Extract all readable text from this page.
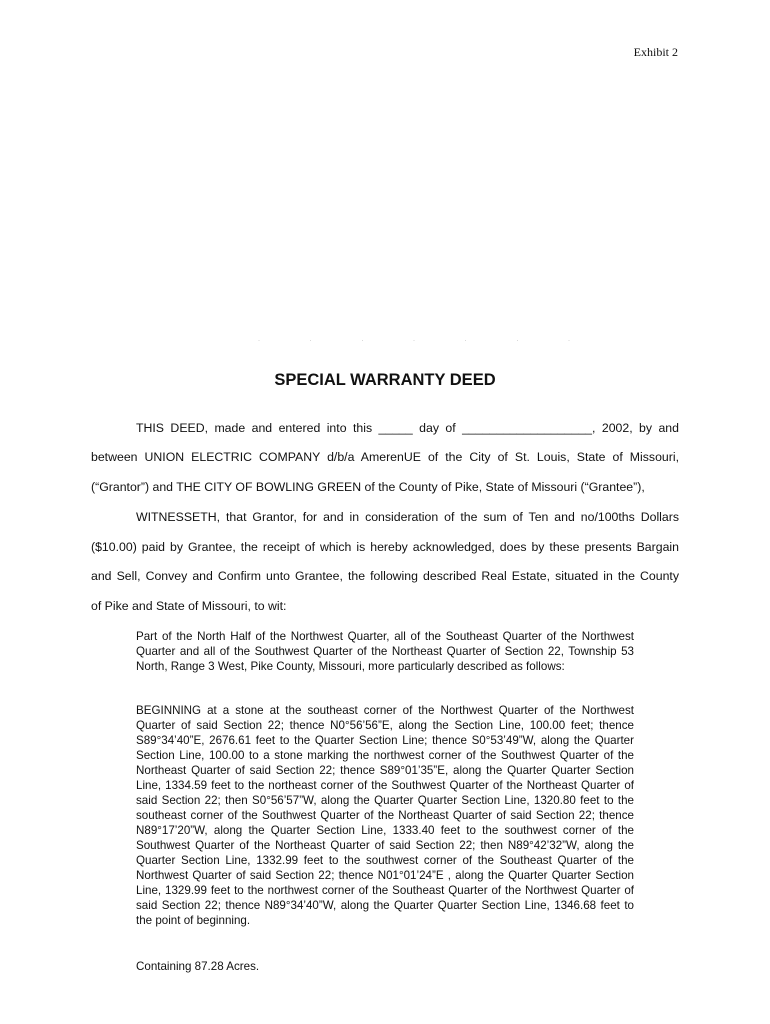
Exhibit 2
· · · · · · ·
SPECIAL WARRANTY DEED
THIS DEED, made and entered into this _____ day of ___________________, 2002, by and
between UNION ELECTRIC COMPANY d/b/a AmerenUE of the City of St. Louis, State of Missouri,
(“Grantor”) and THE CITY OF BOWLING GREEN of the County of Pike, State of Missouri (“Grantee”),
WITNESSETH, that Grantor, for and in consideration of the sum of Ten and no/100ths Dollars
($10.00) paid by Grantee, the receipt of which is hereby acknowledged, does by these presents Bargain
and Sell, Convey and Confirm unto Grantee, the following described Real Estate, situated in the County
of Pike and State of Missouri, to wit:
Part of the North Half of the Northwest Quarter, all of the Southeast Quarter of the Northwest Quarter and all of the Southwest Quarter of the Northeast Quarter of Section 22, Township 53 North, Range 3 West, Pike County, Missouri, more particularly described as follows:
BEGINNING at a stone at the southeast corner of the Northwest Quarter of the Northwest Quarter of said Section 22; thence N0°56’56”E, along the Section Line, 100.00 feet; thence S89°34’40”E, 2676.61 feet to the Quarter Section Line; thence S0°53’49”W, along the Quarter Section Line, 100.00 to a stone marking the northwest corner of the Southwest Quarter of the Northeast Quarter of said Section 22; thence S89°01’35”E, along the Quarter Quarter Section Line, 1334.59 feet to the northeast corner of the Southwest Quarter of the Northeast Quarter of said Section 22; then S0°56’57”W, along the Quarter Quarter Section Line, 1320.80 feet to the southeast corner of the Southwest Quarter of the Northeast Quarter of said Section 22; thence N89°17’20”W, along the Quarter Section Line, 1333.40 feet to the southwest corner of the Southwest Quarter of the Northeast Quarter of said Section 22; then N89°42’32”W, along the Quarter Section Line, 1332.99 feet to the southwest corner of the Southeast Quarter of the Northwest Quarter of said Section 22; thence N01°01’24”E , along the Quarter Quarter Section Line, 1329.99 feet to the northwest corner of the Southeast Quarter of the Northwest Quarter of said Section 22; thence N89°34’40”W, along the Quarter Quarter Section Line, 1346.68 feet to the point of beginning.
Containing 87.28 Acres.
